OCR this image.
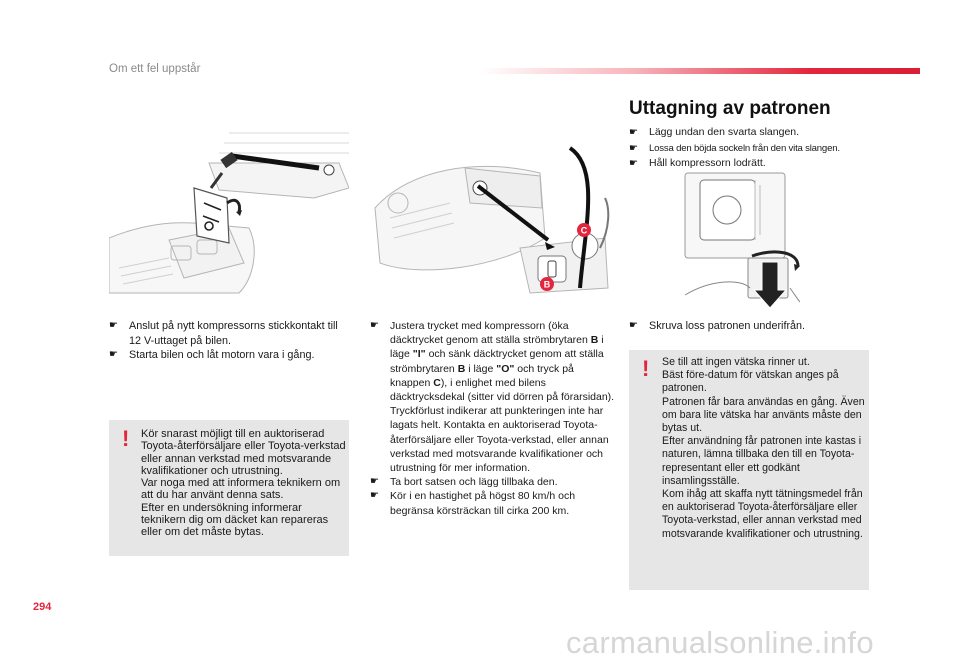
Om ett fel uppstår
Uttagning av patronen
☛ Lägg undan den svarta slangen.
☛ Lossa den böjda sockeln från den vita slangen.
☛ Håll kompressorn lodrätt.
C
B
☛ Anslut på nytt kompressorns stickkontakt till 12 V-uttaget på bilen.
☛ Starta bilen och låt motorn vara i gång.
! Kör snarast möjligt till en auktoriserad Toyota-återförsäljare eller Toyota-verkstad eller annan verkstad med motsvarande kvalifikationer och utrustning.
Var noga med att informera teknikern om att du har använt denna sats.
Efter en undersökning informerar teknikern dig om däcket kan repareras eller om det måste bytas.
☛ Justera trycket med kompressorn (öka däcktrycket genom att ställa strömbrytaren B i läge "I" och sänk däcktrycket genom att ställa strömbrytaren B i läge "O" och tryck på knappen C), i enlighet med bilens däcktrycksdekal (sitter vid dörren på förarsidan).
Tryckförlust indikerar att punkteringen inte har lagats helt. Kontakta en auktoriserad Toyota-återförsäljare eller Toyota-verkstad, eller annan verkstad med motsvarande kvalifikationer och utrustning för mer information.
☛ Ta bort satsen och lägg tillbaka den.
☛ Kör i en hastighet på högst 80 km/h och begränsa körsträckan till cirka 200 km.
☛ Skruva loss patronen underifrån.
! Se till att ingen vätska rinner ut.
Bäst före-datum för vätskan anges på patronen.
Patronen får bara användas en gång. Även om bara lite vätska har använts måste den bytas ut.
Efter användning får patronen inte kastas i naturen, lämna tillbaka den till en Toyota-representant eller ett godkänt insamlingsställe.
Kom ihåg att skaffa nytt tätningsmedel från en auktoriserad Toyota-återförsäljare eller Toyota-verkstad, eller annan verkstad med motsvarande kvalifikationer och utrustning.
294
carmanualsonline.info
